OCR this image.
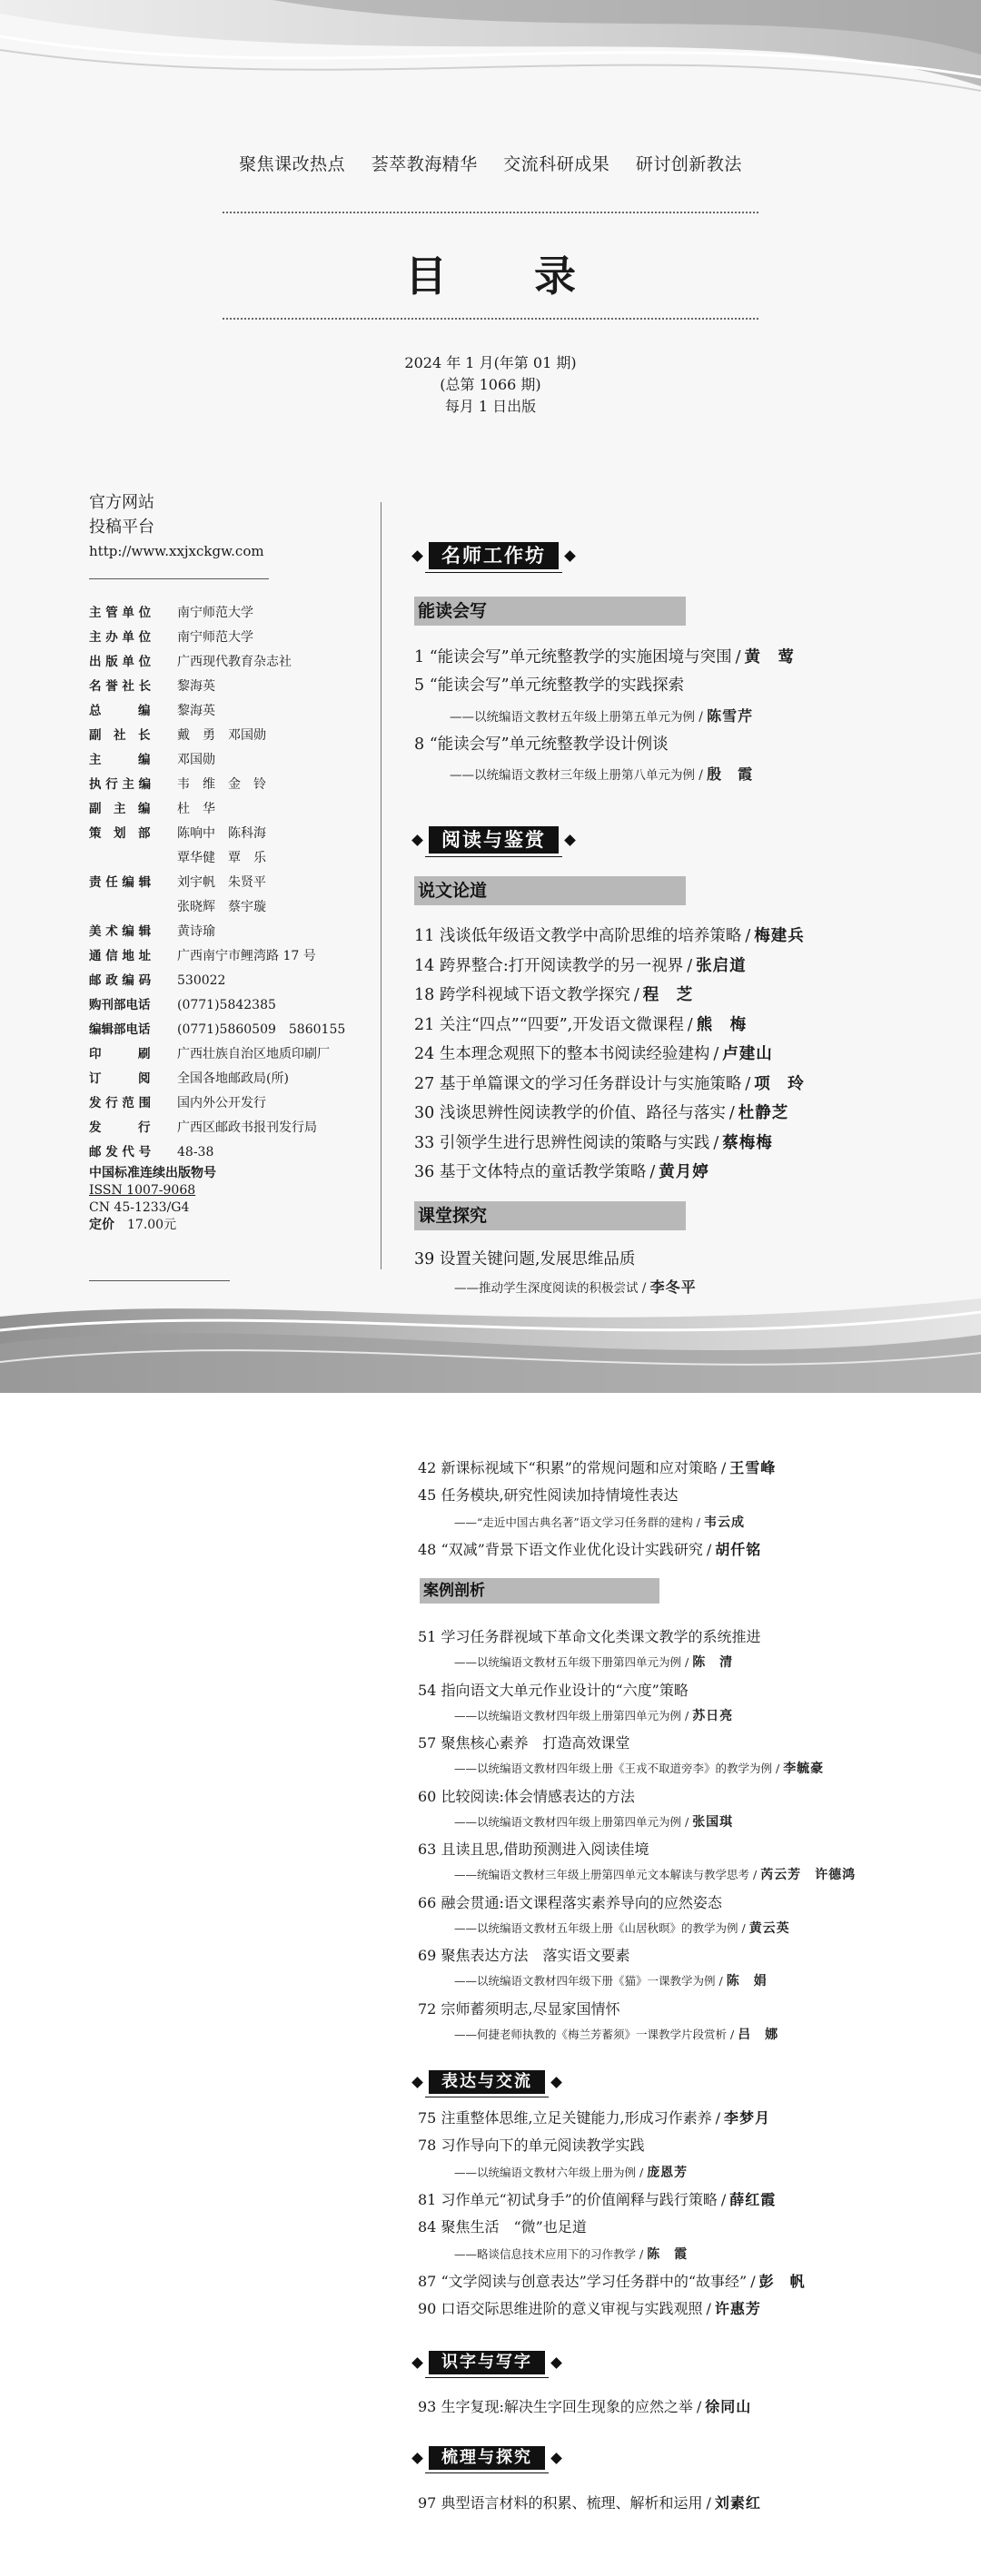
聚焦课改热点 荟萃教海精华 交流科研成果 研讨创新教法
目 录
2024 年 1 月(年第 01 期)
(总第 1066 期)
每月 1 日出版
官方网站
投稿平台
http://www.xxjxckgw.com
主 管 单 位	南宁师范大学
主 办 单 位	南宁师范大学
出 版 单 位	广西现代教育杂志社
名 誉 社 长	黎海英
总　　　编	黎海英
副　社　长	戴　勇　邓国勋
主　　　编	邓国勋
执 行 主 编	韦　维　金　铃
副　主　编	杜　华
策　划　部	陈响中　陈科海
覃华健　覃　乐
责 任 编 辑	刘宇帆　朱贤平
张晓辉　蔡宇璇
美 术 编 辑	黄诗瑜
通 信 地 址	广西南宁市鲤湾路 17 号
邮 政 编 码	530022
购刊部电话	(0771)5842385
编辑部电话	(0771)5860509　5860155
印　　　刷	广西壮族自治区地质印刷厂
订　　　阅	全国各地邮政局(所)
发 行 范 围	国内外公开发行
发　　　行	广西区邮政书报刊发行局
邮 发 代 号	48-38
中国标准连续出版物号
ISSN 1007-9068
CN 45-1233/G4
定价　 17.00元
名师工作坊
能读会写
1 “能读会写”单元统整教学的实施困境与突围 / 黄　莺
5 “能读会写”单元统整教学的实践探索
——以统编语文教材五年级上册第五单元为例 / 陈雪芹
8 “能读会写”单元统整教学设计例谈
——以统编语文教材三年级上册第八单元为例 / 殷　霞
阅读与鉴赏
说文论道
11 浅谈低年级语文教学中高阶思维的培养策略 / 梅建兵
14 跨界整合:打开阅读教学的另一视界 / 张启道
18 跨学科视域下语文教学探究 / 程　芝
21 关注“四点”“四要”,开发语文微课程 / 熊　梅
24 生本理念观照下的整本书阅读经验建构 / 卢建山
27 基于单篇课文的学习任务群设计与实施策略 / 项　玲
30 浅谈思辨性阅读教学的价值、路径与落实 / 杜静芝
33 引领学生进行思辨性阅读的策略与实践 / 蔡梅梅
36 基于文体特点的童话教学策略 / 黄月婷
课堂探究
39 设置关键问题,发展思维品质
——推动学生深度阅读的积极尝试 / 李冬平
42 新课标视域下“积累”的常规问题和应对策略 / 王雪峰
45 任务模块,研究性阅读加持情境性表达
——“走近中国古典名著”语文学习任务群的建构 / 韦云成
48 “双减”背景下语文作业优化设计实践研究 / 胡仟铭
案例剖析
51 学习任务群视域下革命文化类课文教学的系统推进
——以统编语文教材五年级下册第四单元为例 / 陈　清
54 指向语文大单元作业设计的“六度”策略
——以统编语文教材四年级上册第四单元为例 / 苏日亮
57 聚焦核心素养　打造高效课堂
——以统编语文教材四年级上册《王戎不取道旁李》的教学为例 / 李毓豪
60 比较阅读:体会情感表达的方法
——以统编语文教材四年级上册第四单元为例 / 张国琪
63 且读且思,借助预测进入阅读佳境
——统编语文教材三年级上册第四单元文本解读与教学思考 / 芮云芳　许德鸿
66 融会贯通:语文课程落实素养导向的应然姿态
——以统编语文教材五年级上册《山居秋暝》的教学为例 / 黄云英
69 聚焦表达方法　落实语文要素
——以统编语文教材四年级下册《猫》一课教学为例 / 陈　娟
72 宗师蓄须明志,尽显家国情怀
——何捷老师执教的《梅兰芳蓄须》一课教学片段赏析 / 吕　娜
表达与交流
75 注重整体思维,立足关键能力,形成习作素养 / 李梦月
78 习作导向下的单元阅读教学实践
——以统编语文教材六年级上册为例 / 庞恩芳
81 习作单元“初试身手”的价值阐释与践行策略 / 薛红霞
84 聚焦生活　“微”也足道
——略谈信息技术应用下的习作教学 / 陈　霞
87 “文学阅读与创意表达”学习任务群中的“故事经” / 彭　帆
90 口语交际思维进阶的意义审视与实践观照 / 许惠芳
识字与写字
93 生字复现:解决生字回生现象的应然之举 / 徐同山
梳理与探究
97 典型语言材料的积累、梳理、解析和运用 / 刘素红
